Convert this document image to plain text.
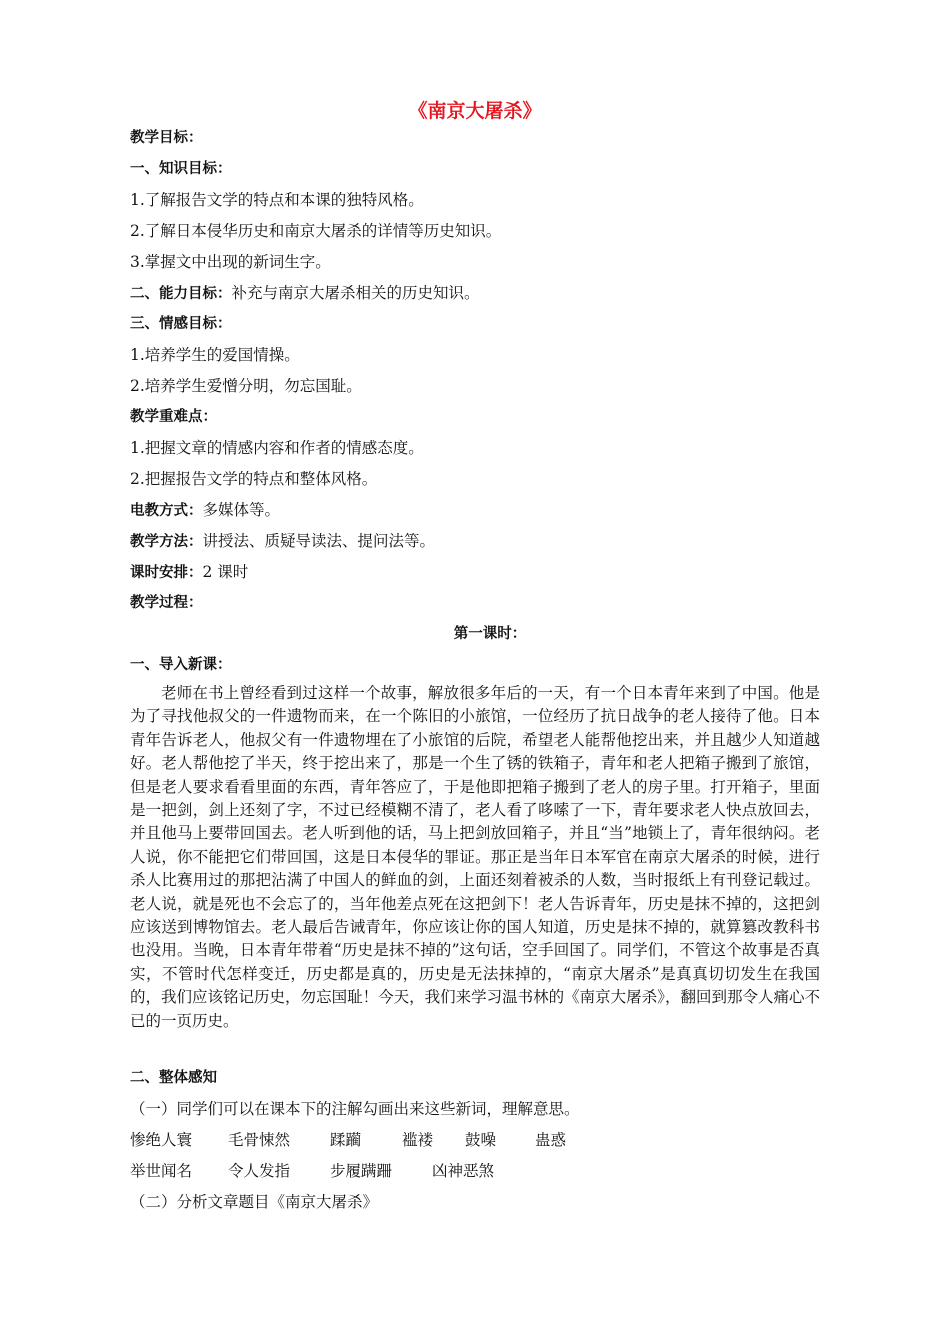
《南京大屠杀》
教学目标：
一、知识目标：
1.了解报告文学的特点和本课的独特风格。
2.了解日本侵华历史和南京大屠杀的详情等历史知识。
3.掌握文中出现的新词生字。
二、能力目标：补充与南京大屠杀相关的历史知识。
三、情感目标：
1.培养学生的爱国情操。
2.培养学生爱憎分明，勿忘国耻。
教学重难点：
1.把握文章的情感内容和作者的情感态度。
2.把握报告文学的特点和整体风格。
电教方式：多媒体等。
教学方法：讲授法、质疑导读法、提问法等。
课时安排：2 课时
教学过程：
第一课时：
一、导入新课：

老师在书上曾经看到过这样一个故事，解放很多年后的一天，有一个日本青年来到了中国。他是为了寻找他叔父的一件遗物而来，在一个陈旧的小旅馆，一位经历了抗日战争的老人接待了他。日本青年告诉老人，他叔父有一件遗物埋在了小旅馆的后院，希望老人能帮他挖出来，并且越少人知道越好。老人帮他挖了半天，终于挖出来了，那是一个生了锈的铁箱子，青年和老人把箱子搬到了旅馆，但是老人要求看看里面的东西，青年答应了，于是他即把箱子搬到了老人的房子里。打开箱子，里面是一把剑，剑上还刻了字，不过已经模糊不清了，老人看了哆嗦了一下，青年要求老人快点放回去，并且他马上要带回国去。老人听到他的话，马上把剑放回箱子，并且“当”地锁上了，青年很纳闷。老人说，你不能把它们带回国，这是日本侵华的罪证。那正是当年日本军官在南京大屠杀的时候，进行杀人比赛用过的那把沾满了中国人的鲜血的剑，上面还刻着被杀的人数，当时报纸上有刊登记载过。老人说，就是死也不会忘了的，当年他差点死在这把剑下！老人告诉青年，历史是抹不掉的，这把剑应该送到博物馆去。老人最后告诫青年，你应该让你的国人知道，历史是抹不掉的，就算篡改教科书也没用。当晚，日本青年带着“历史是抹不掉的”这句话，空手回国了。同学们，不管这个故事是否真实，不管时代怎样变迁，历史都是真的，历史是无法抹掉的，“南京大屠杀”是真真切切发生在我国的，我们应该铭记历史，勿忘国耻！今天，我们来学习温书林的《南京大屠杀》，翻回到那令人痛心不已的一页历史。

二、整体感知
（一）同学们可以在课本下的注解勾画出来这些新词，理解意思。
惨绝人寰 毛骨悚然	蹂躏	褴褛 鼓噪	蛊惑
举世闻名 令人发指	步履蹒跚	凶神恶煞
（二）分析文章题目《南京大屠杀》
